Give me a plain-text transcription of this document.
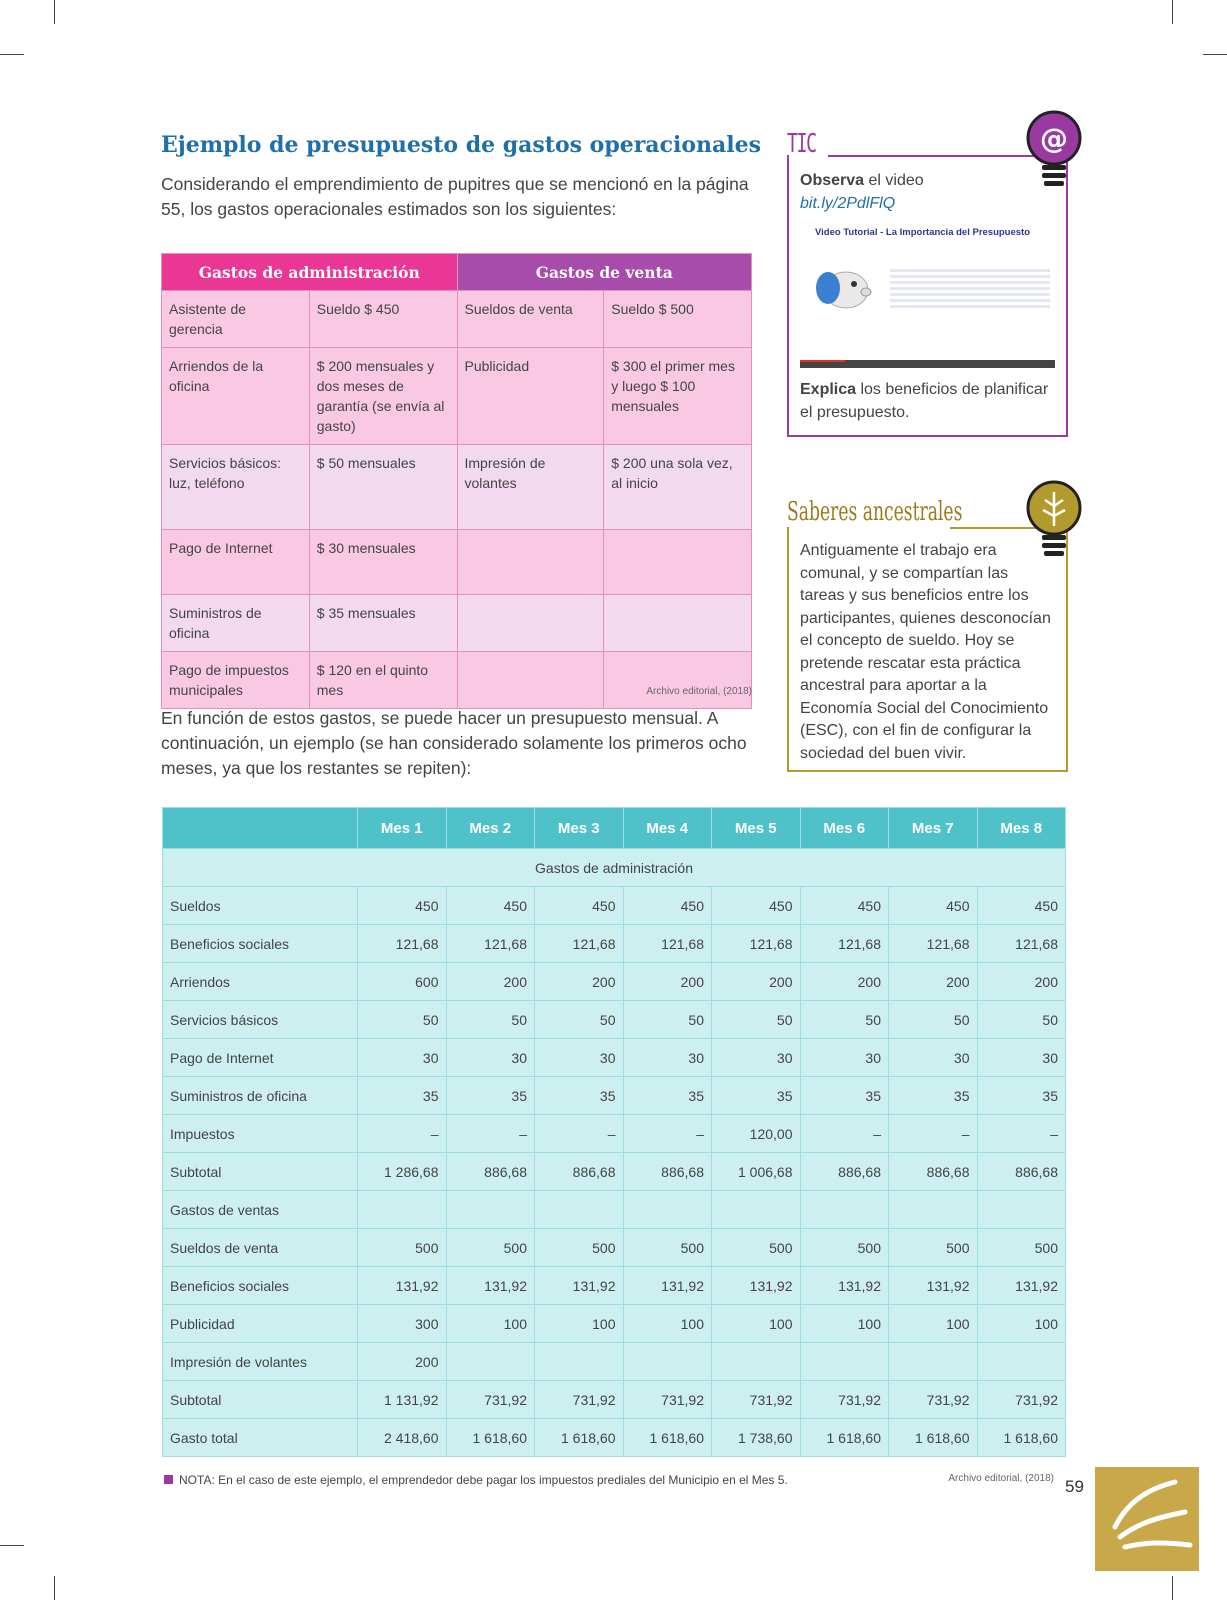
Ejemplo de presupuesto de gastos operacionales

Considerando el emprendimiento de pupitres que se mencionó en la página 55, los gastos operacionales estimados son los siguientes:

Gastos de administración		Gastos de venta	
Asistente de gerencia	Sueldo $ 450	Sueldos de venta	Sueldo $ 500
Arriendos de la oficina	$ 200 mensuales y dos meses de garantía (se envía al gasto)	Publicidad	$ 300 el primer mes y luego $ 100 mensuales
Servicios básicos: luz, teléfono	$ 50 mensuales	Impresión de volantes	$ 200 una sola vez, al inicio
Pago de Internet	$ 30 mensuales		
Suministros de oficina	$ 35 mensuales		
Pago de impuestos municipales	$ 120 en el quinto mes			Archivo editorial, (2018)

En función de estos gastos, se puede hacer un presupuesto mensual. A continuación, un ejemplo (se han considerado solamente los primeros ocho meses, ya que los restantes se repiten):

TIC
Observa el video
bit.ly/2PdlFlQ
Video Tutorial - La Importancia del Presupuesto
Explica los beneficios de planificar el presupuesto.
@
Saberes ancestrales

Antiguamente el trabajo era comunal, y se compartían las tareas y sus beneficios entre los participantes, quienes desconocían el concepto de sueldo. Hoy se pretende rescatar esta práctica ancestral para aportar a la Economía Social del Conocimiento (ESC), con el fin de configurar la sociedad del buen vivir.

	Mes 1	Mes 2	Mes 3	Mes 4	Mes 5	Mes 6	Mes 7	Mes 8
Gastos de administración								
Sueldos	450	450	450	450	450	450	450	450
Beneficios sociales	121,68	121,68	121,68	121,68	121,68	121,68	121,68	121,68
Arriendos	600	200	200	200	200	200	200	200
Servicios básicos	50	50	50	50	50	50	50	50
Pago de Internet	30	30	30	30	30	30	30	30
Suministros de oficina	35	35	35	35	35	35	35	35
Impuestos	–	–	–	–	120,00	–	–	–
Subtotal	1 286,68	886,68	886,68	886,68	1 006,68	886,68	886,68	886,68
Gastos de ventas								
Sueldos de venta	500	500	500	500	500	500	500	500
Beneficios sociales	131,92	131,92	131,92	131,92	131,92	131,92	131,92	131,92
Publicidad	300	100	100	100	100	100	100	100
Impresión de volantes	200							
Subtotal	1 131,92	731,92	731,92	731,92	731,92	731,92	731,92	731,92
Gasto total	2 418,60	1 618,60	1 618,60	1 618,60	1 738,60	1 618,60	1 618,60	1 618,60
NOTA: En el caso de este ejemplo, el emprendedor debe pagar los impuestos prediales del Municipio en el Mes 5.	Archivo editorial, (2018) 59
